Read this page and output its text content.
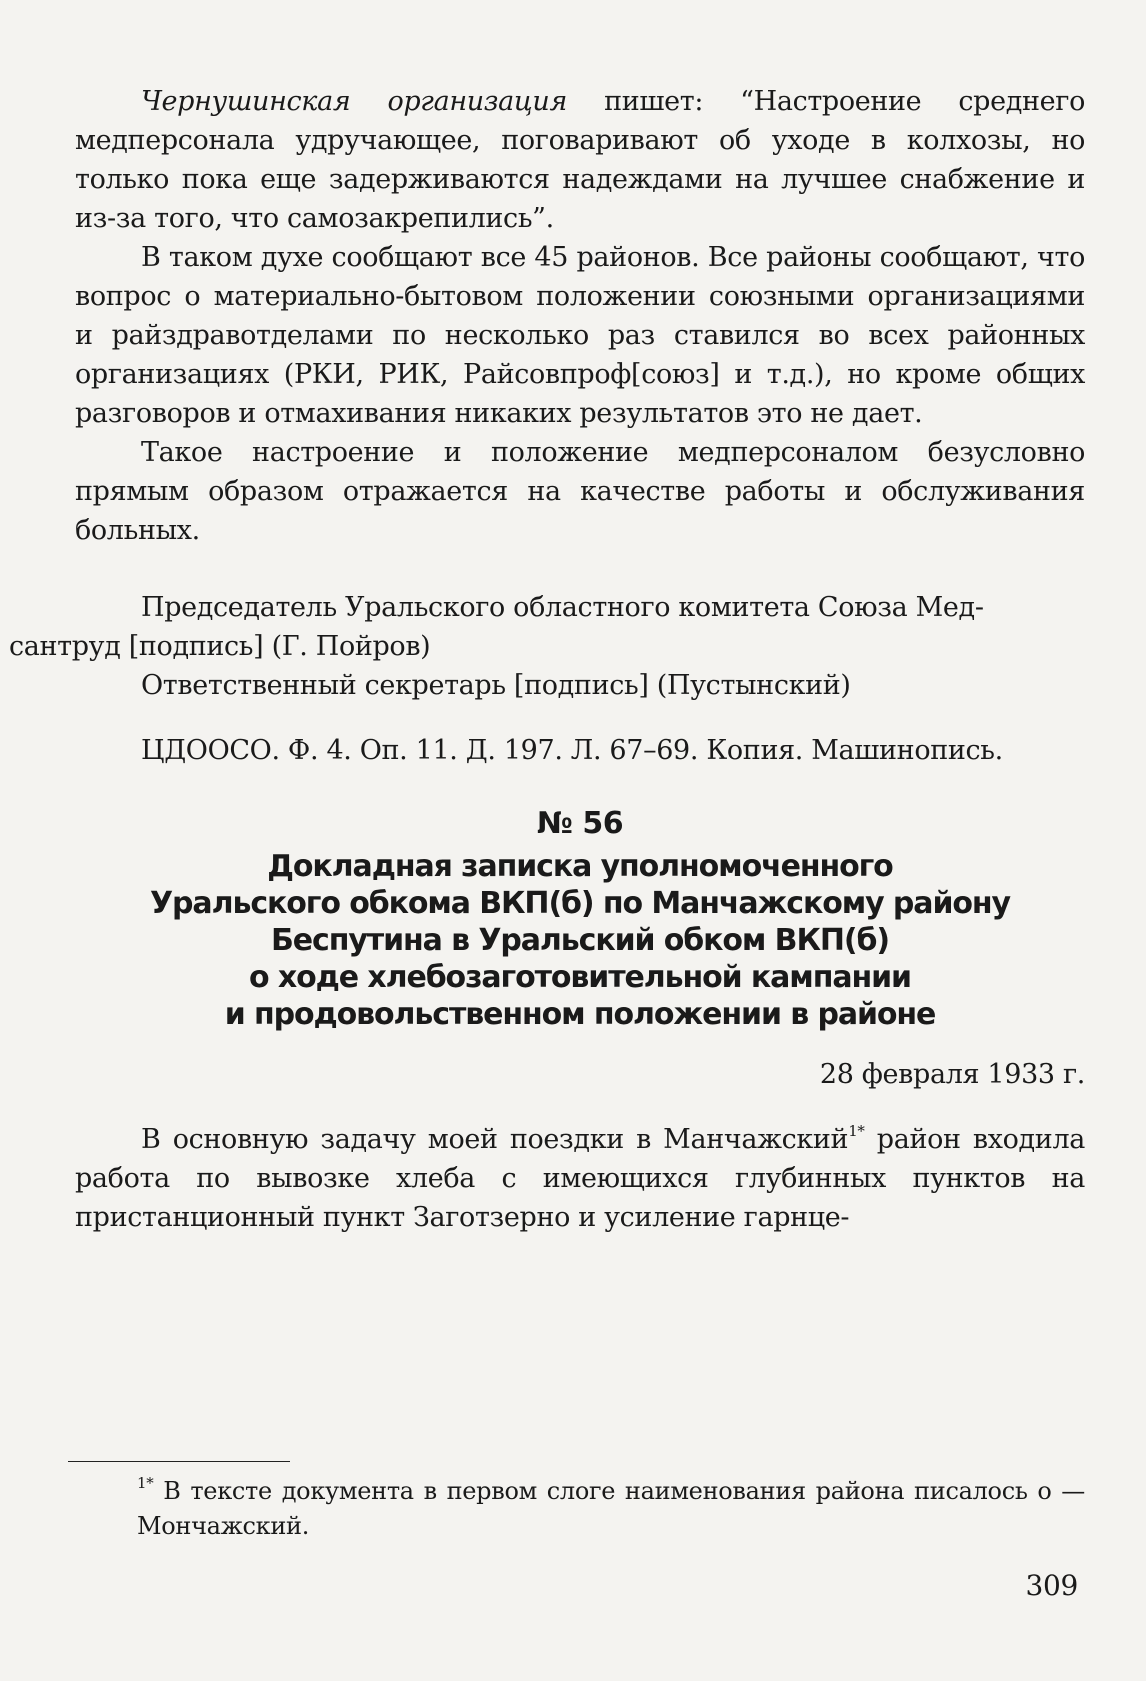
Чернушинская организация пишет: “Настроение среднего медперсонала удручающее, поговаривают об уходе в колхозы, но только пока еще задерживаются надеждами на лучшее снабжение и из-за того, что самозакрепились”.

В таком духе сообщают все 45 районов. Все районы сообщают, что вопрос о материально-бытовом положении союзными организациями и райздравотделами по несколько раз ставился во всех районных организациях (РКИ, РИК, Райсовпроф[союз] и т.д.), но кроме общих разговоров и отмахивания никаких результатов это не дает.

Такое настроение и положение медперсоналом безусловно прямым образом отражается на качестве работы и обслуживания больных.

Председатель Уральского областного комитета Союза Мед-
сантруд [подпись] (Г. Пойров)
Ответственный секретарь [подпись] (Пустынский)
ЦДООСО. Ф. 4. Оп. 11. Д. 197. Л. 67–69. Копия. Машинопись.
№ 56
Докладная записка уполномоченного
Уральского обкома ВКП(б) по Манчажскому району
Беспутина в Уральский обком ВКП(б)
о ходе хлебозаготовительной кампании
и продовольственном положении в районе
28 февраля 1933 г.

В основную задачу моей поездки в Манчажский$^{1*}$ район входила работа по вывозке хлеба с имеющихся глубинных пунктов на пристанционный пункт Заготзерно и усиление гарнце-

$^{1*}$ В тексте документа в первом слоге наименования района писалось о — Мончажский.
309
